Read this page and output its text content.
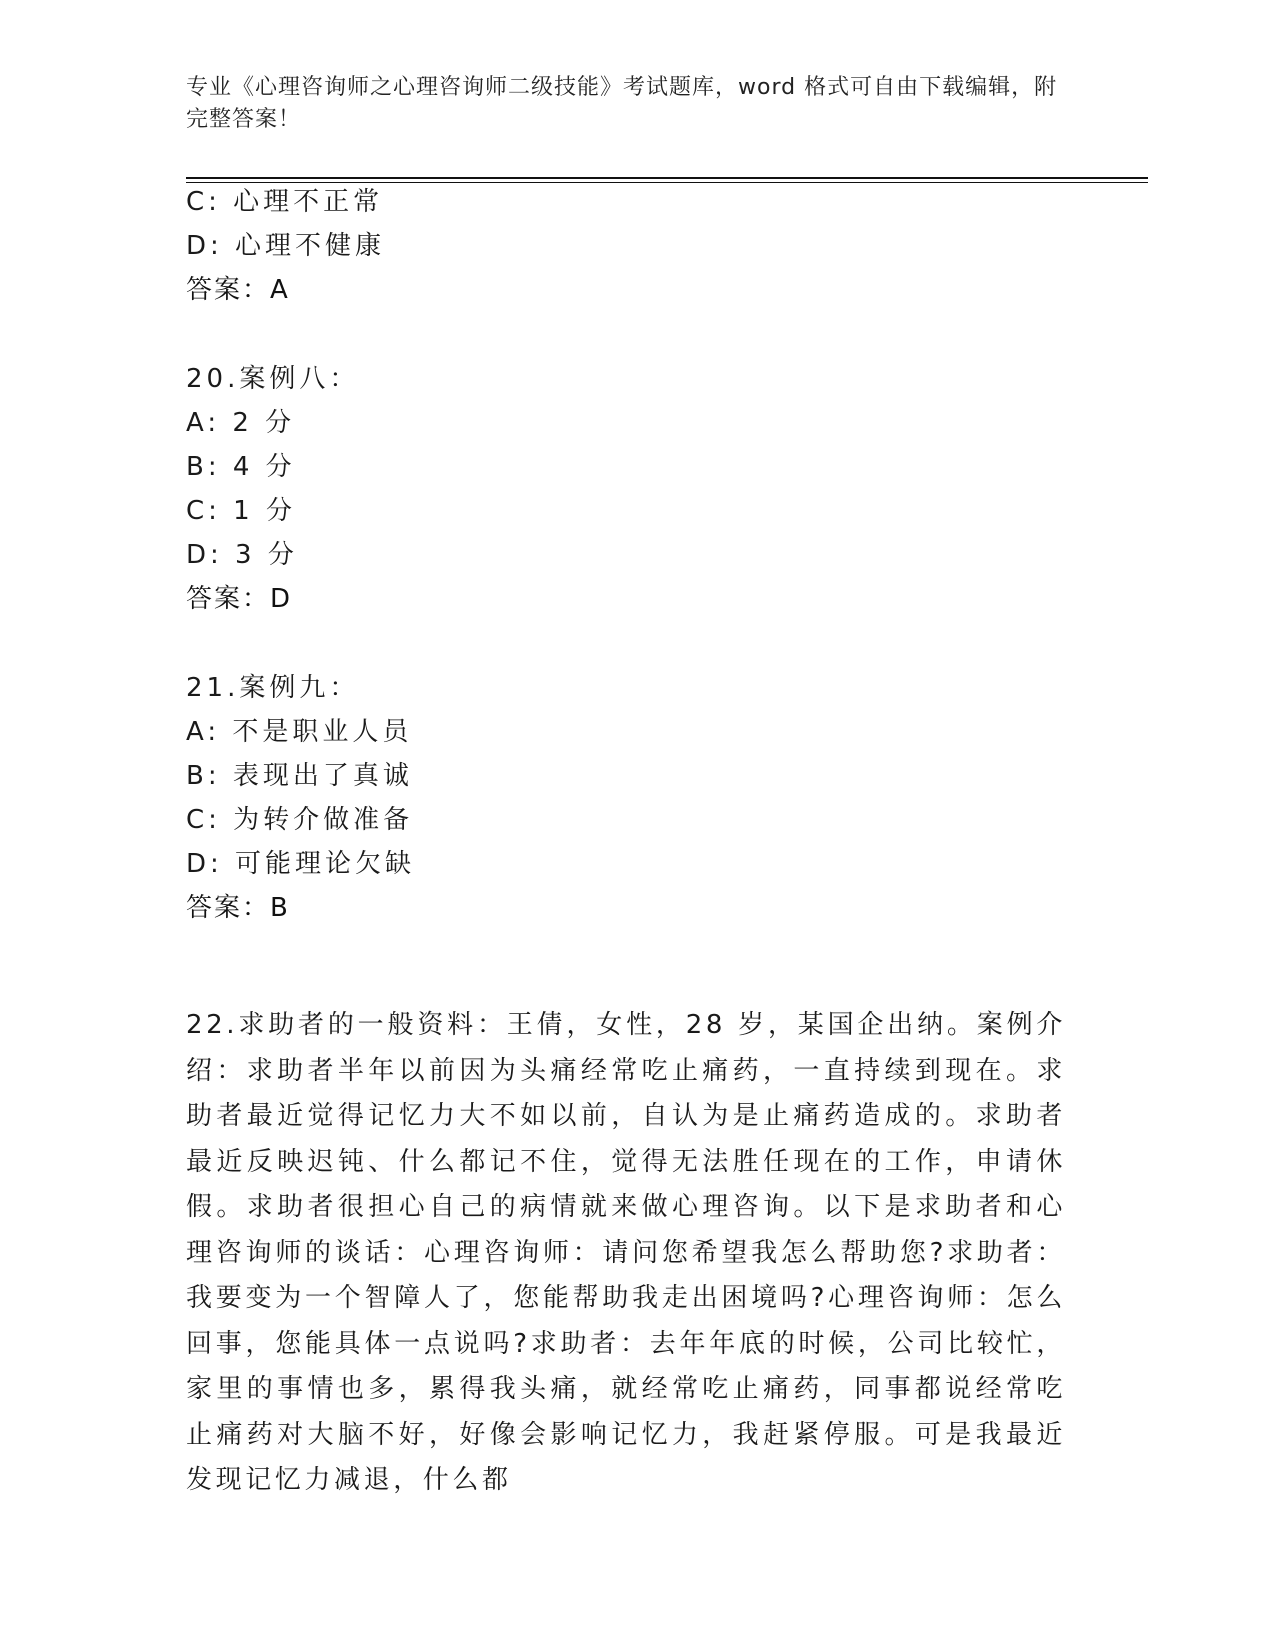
专业《心理咨询师之心理咨询师二级技能》考试题库，word 格式可自由下载编辑，附完整答案！
C: 心理不正常
D: 心理不健康
答案：A
20.案例八：
A: 2 分
B: 4 分
C: 1 分
D: 3 分
答案：D
21.案例九：
A: 不是职业人员
B: 表现出了真诚
C: 为转介做准备
D: 可能理论欠缺
答案：B
22.求助者的一般资料：王倩，女性，28 岁，某国企出纳。案例介绍：求助者半年以前因为头痛经常吃止痛药，一直持续到现在。求助者最近觉得记忆力大不如以前，自认为是止痛药造成的。求助者最近反映迟钝、什么都记不住，觉得无法胜任现在的工作，申请休假。求助者很担心自己的病情就来做心理咨询。以下是求助者和心理咨询师的谈话：心理咨询师：请问您希望我怎么帮助您?求助者：我要变为一个智障人了，您能帮助我走出困境吗?心理咨询师：怎么回事，您能具体一点说吗?求助者：去年年底的时候，公司比较忙，家里的事情也多，累得我头痛，就经常吃止痛药，同事都说经常吃止痛药对大脑不好，好像会影响记忆力，我赶紧停服。可是我最近发现记忆力减退，什么都
